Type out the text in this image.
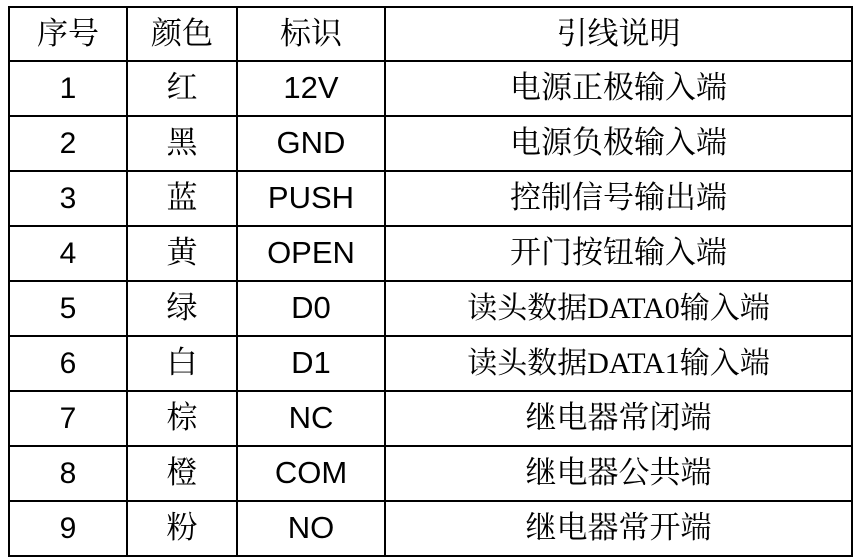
序号	颜色	标识	引线说明
1	红	12V	电源正极输入端
2	黑	GND	电源负极输入端
3	蓝	PUSH	控制信号输出端
4	黄	OPEN	开门按钮输入端
5	绿	D0	读头数据DATA0输入端
6	白	D1	读头数据DATA1输入端
7	棕	NC	继电器常闭端
8	橙	COM	继电器公共端
9	粉	NO	继电器常开端
